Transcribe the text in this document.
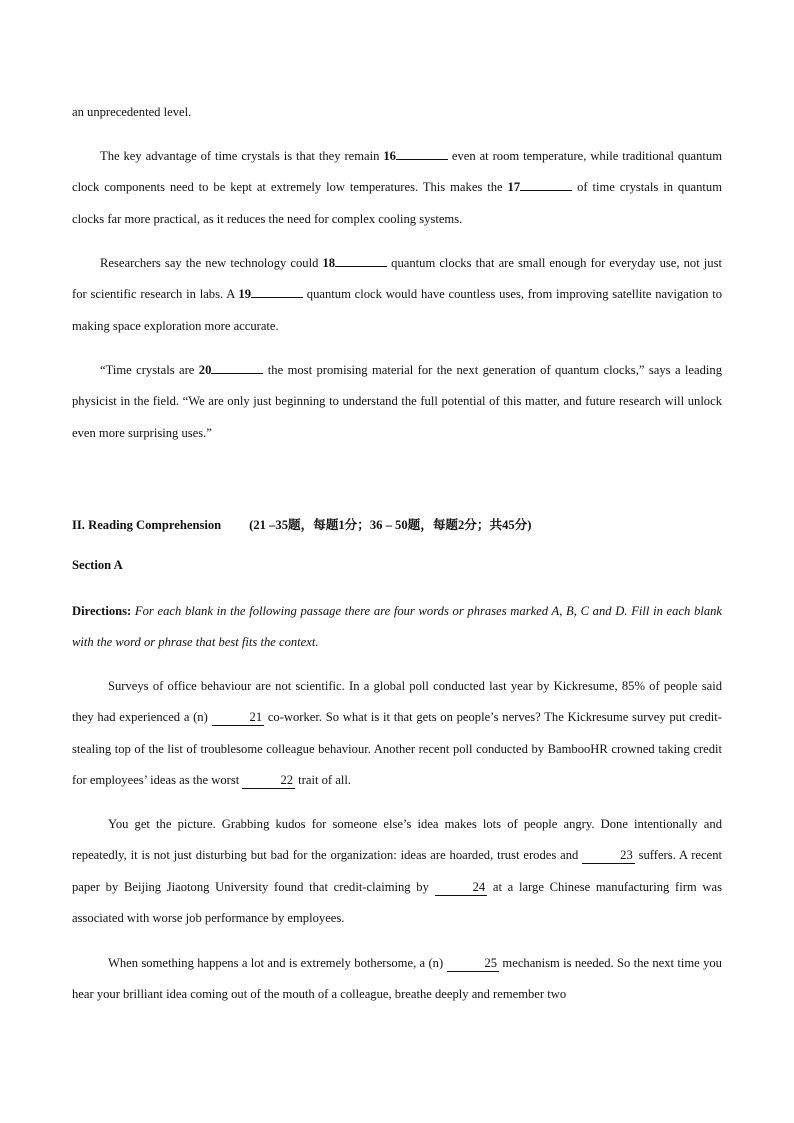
an unprecedented level.

The key advantage of time crystals is that they remain 16	even at room temperature, while traditional quantum clock components need to be kept at extremely low temperatures. This makes the 17	of time crystals in quantum clocks far more practical, as it reduces the need for complex cooling systems.

Researchers say the new technology could 18	quantum clocks that are small enough for everyday use, not just for scientific research in labs. A 19	quantum clock would have countless uses, from improving satellite navigation to making space exploration more accurate.

“Time crystals are 20	the most promising material for the next generation of quantum clocks,” says a leading physicist in the field. “We are only just beginning to understand the full potential of this matter, and future research will unlock even more surprising uses.”

II. Reading Comprehension (21 –35题，每题1分；36 – 50题，每题2分；共45分)

Section A

Directions: For each blank in the following passage there are four words or phrases marked A, B, C and D. Fill in each blank with the word or phrase that best fits the context.

Surveys of office behaviour are not scientific. In a global poll conducted last year by Kickresume, 85% of people said they had experienced a (n)	21 co-worker. So what is it that gets on people’s nerves? The Kickresume survey put credit-stealing top of the list of troublesome colleague behaviour. Another recent poll conducted by BambooHR crowned taking credit for employees’ ideas as the worst	22 trait of all.

You get the picture. Grabbing kudos for someone else’s idea makes lots of people angry. Done intentionally and repeatedly, it is not just disturbing but bad for the organization: ideas are hoarded, trust erodes and	23 suffers. A recent paper by Beijing Jiaotong University found that credit-claiming by	24 at a large Chinese manufacturing firm was associated with worse job performance by employees.

When something happens a lot and is extremely bothersome, a (n)	25 mechanism is needed. So the next time you hear your brilliant idea coming out of the mouth of a colleague, breathe deeply and remember two
